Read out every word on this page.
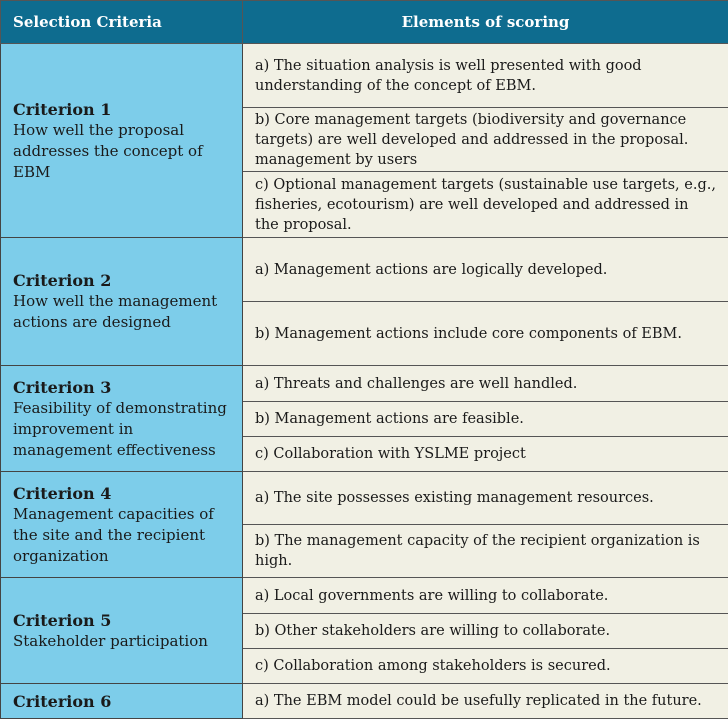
Selection Criteria	Elements of scoring

Criterion 1
How well the proposal addresses the concept of EBM	a) The situation analysis is well presented with good understanding of the concept of EBM.
	b) Core management targets (biodiversity and governance targets) are well developed and addressed in the proposal. management by users
	c) Optional management targets (sustainable use targets, e.g., fisheries, ecotourism) are well developed and addressed in the proposal.

Criterion 2
How well the management actions are designed	a) Management actions are logically developed.
	b) Management actions include core components of EBM.

Criterion 3
Feasibility of demonstrating improvement in management effectiveness	a) Threats and challenges are well handled.
	b) Management actions are feasible.
	c) Collaboration with YSLME project

Criterion 4
Management capacities of the site and the recipient organization	a) The site possesses existing management resources.
	b) The management capacity of the recipient organization is high.

Criterion 5
Stakeholder participation	a) Local governments are willing to collaborate.
	b) Other stakeholders are willing to collaborate.
	c) Collaboration among stakeholders is secured.

Criterion 6	a) The EBM model could be usefully replicated in the future.
